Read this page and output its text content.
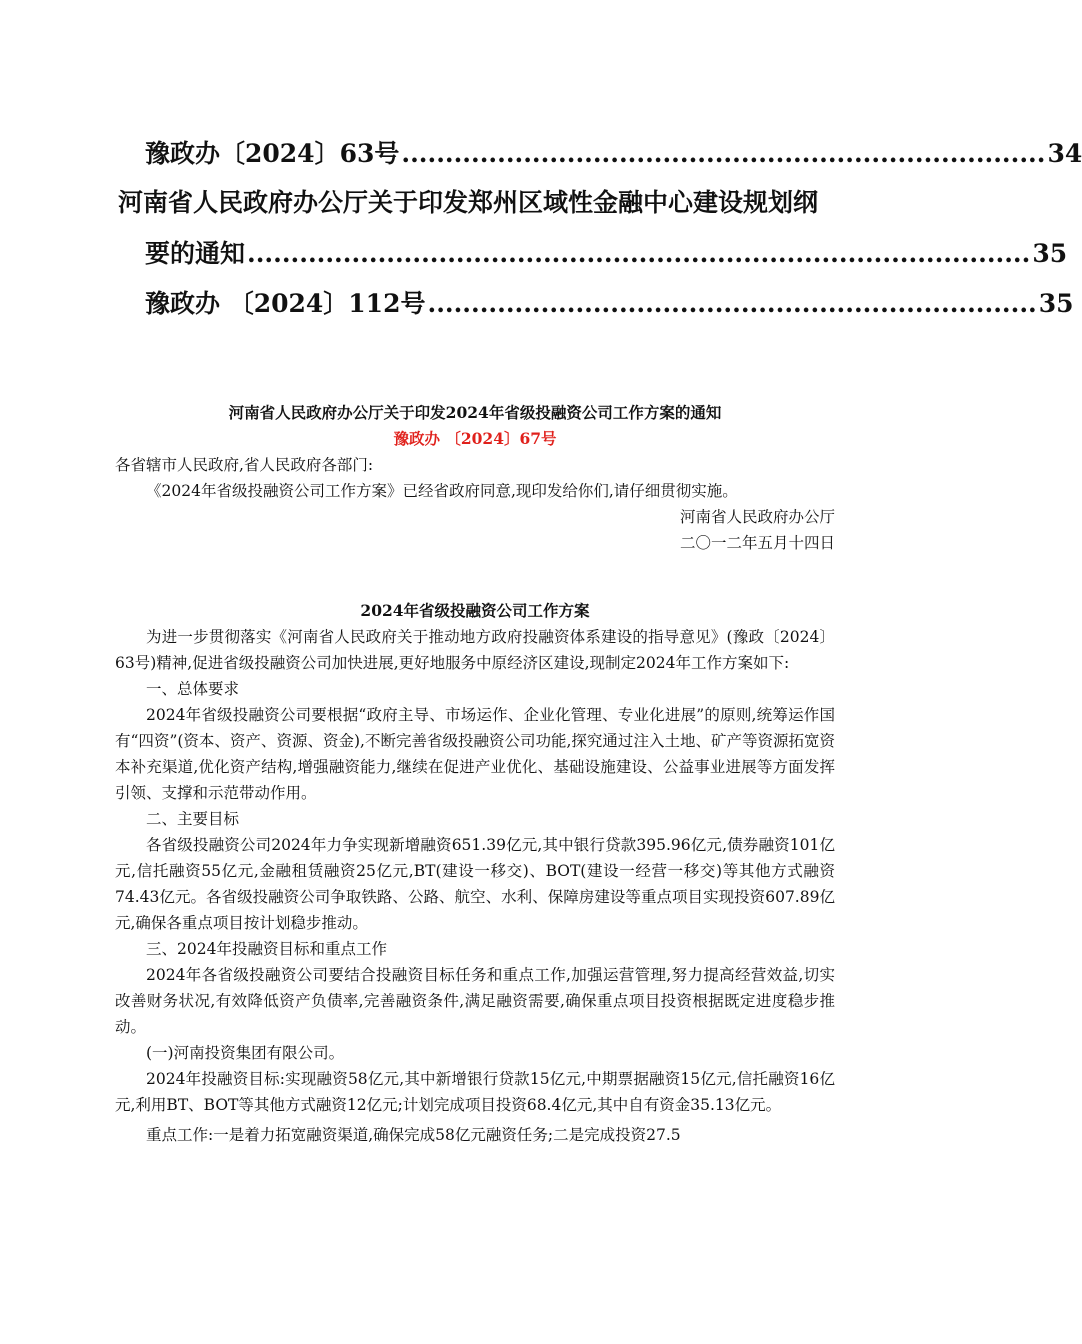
豫政办〔2024〕63号 .......................................................................... 34
河南省人民政府办公厅关于印发郑州区域性金融中心建设规划纲
要的通知 .......................................................................................... 35
豫政办 〔2024〕112号 ...................................................................... 35
河南省人民政府办公厅关于印发2024年省级投融资公司工作方案的通知
豫政办 〔2024〕67号

各省辖市人民政府,省人民政府各部门:

《2024年省级投融资公司工作方案》已经省政府同意,现印发给你们,请仔细贯彻实施。

河南省人民政府办公厅
二〇一二年五月十四日
2024年省级投融资公司工作方案

为进一步贯彻落实《河南省人民政府关于推动地方政府投融资体系建设的指导意见》(豫政〔2024〕63号)精神,促进省级投融资公司加快进展,更好地服务中原经济区建设,现制定2024年工作方案如下:

一、总体要求

2024年省级投融资公司要根据“政府主导、市场运作、企业化管理、专业化进展”的原则,统筹运作国有“四资”(资本、资产、资源、资金),不断完善省级投融资公司功能,探究通过注入土地、矿产等资源拓宽资本补充渠道,优化资产结构,增强融资能力,继续在促进产业优化、基础设施建设、公益事业进展等方面发挥引领、支撑和示范带动作用。

二、主要目标

各省级投融资公司2024年力争实现新增融资651.39亿元,其中银行贷款395.96亿元,债券融资101亿元,信托融资55亿元,金融租赁融资25亿元,BT(建设一移交)、BOT(建设一经营一移交)等其他方式融资74.43亿元。各省级投融资公司争取铁路、公路、航空、水利、保障房建设等重点项目实现投资607.89亿元,确保各重点项目按计划稳步推动。

三、2024年投融资目标和重点工作

2024年各省级投融资公司要结合投融资目标任务和重点工作,加强运营管理,努力提高经营效益,切实改善财务状况,有效降低资产负债率,完善融资条件,满足融资需要,确保重点项目投资根据既定进度稳步推动。

(一)河南投资集团有限公司。

2024年投融资目标:实现融资58亿元,其中新增银行贷款15亿元,中期票据融资15亿元,信托融资16亿元,利用BT、BOT等其他方式融资12亿元;计划完成项目投资68.4亿元,其中自有资金35.13亿元。

重点工作:一是着力拓宽融资渠道,确保完成58亿元融资任务;二是完成投资27.5
